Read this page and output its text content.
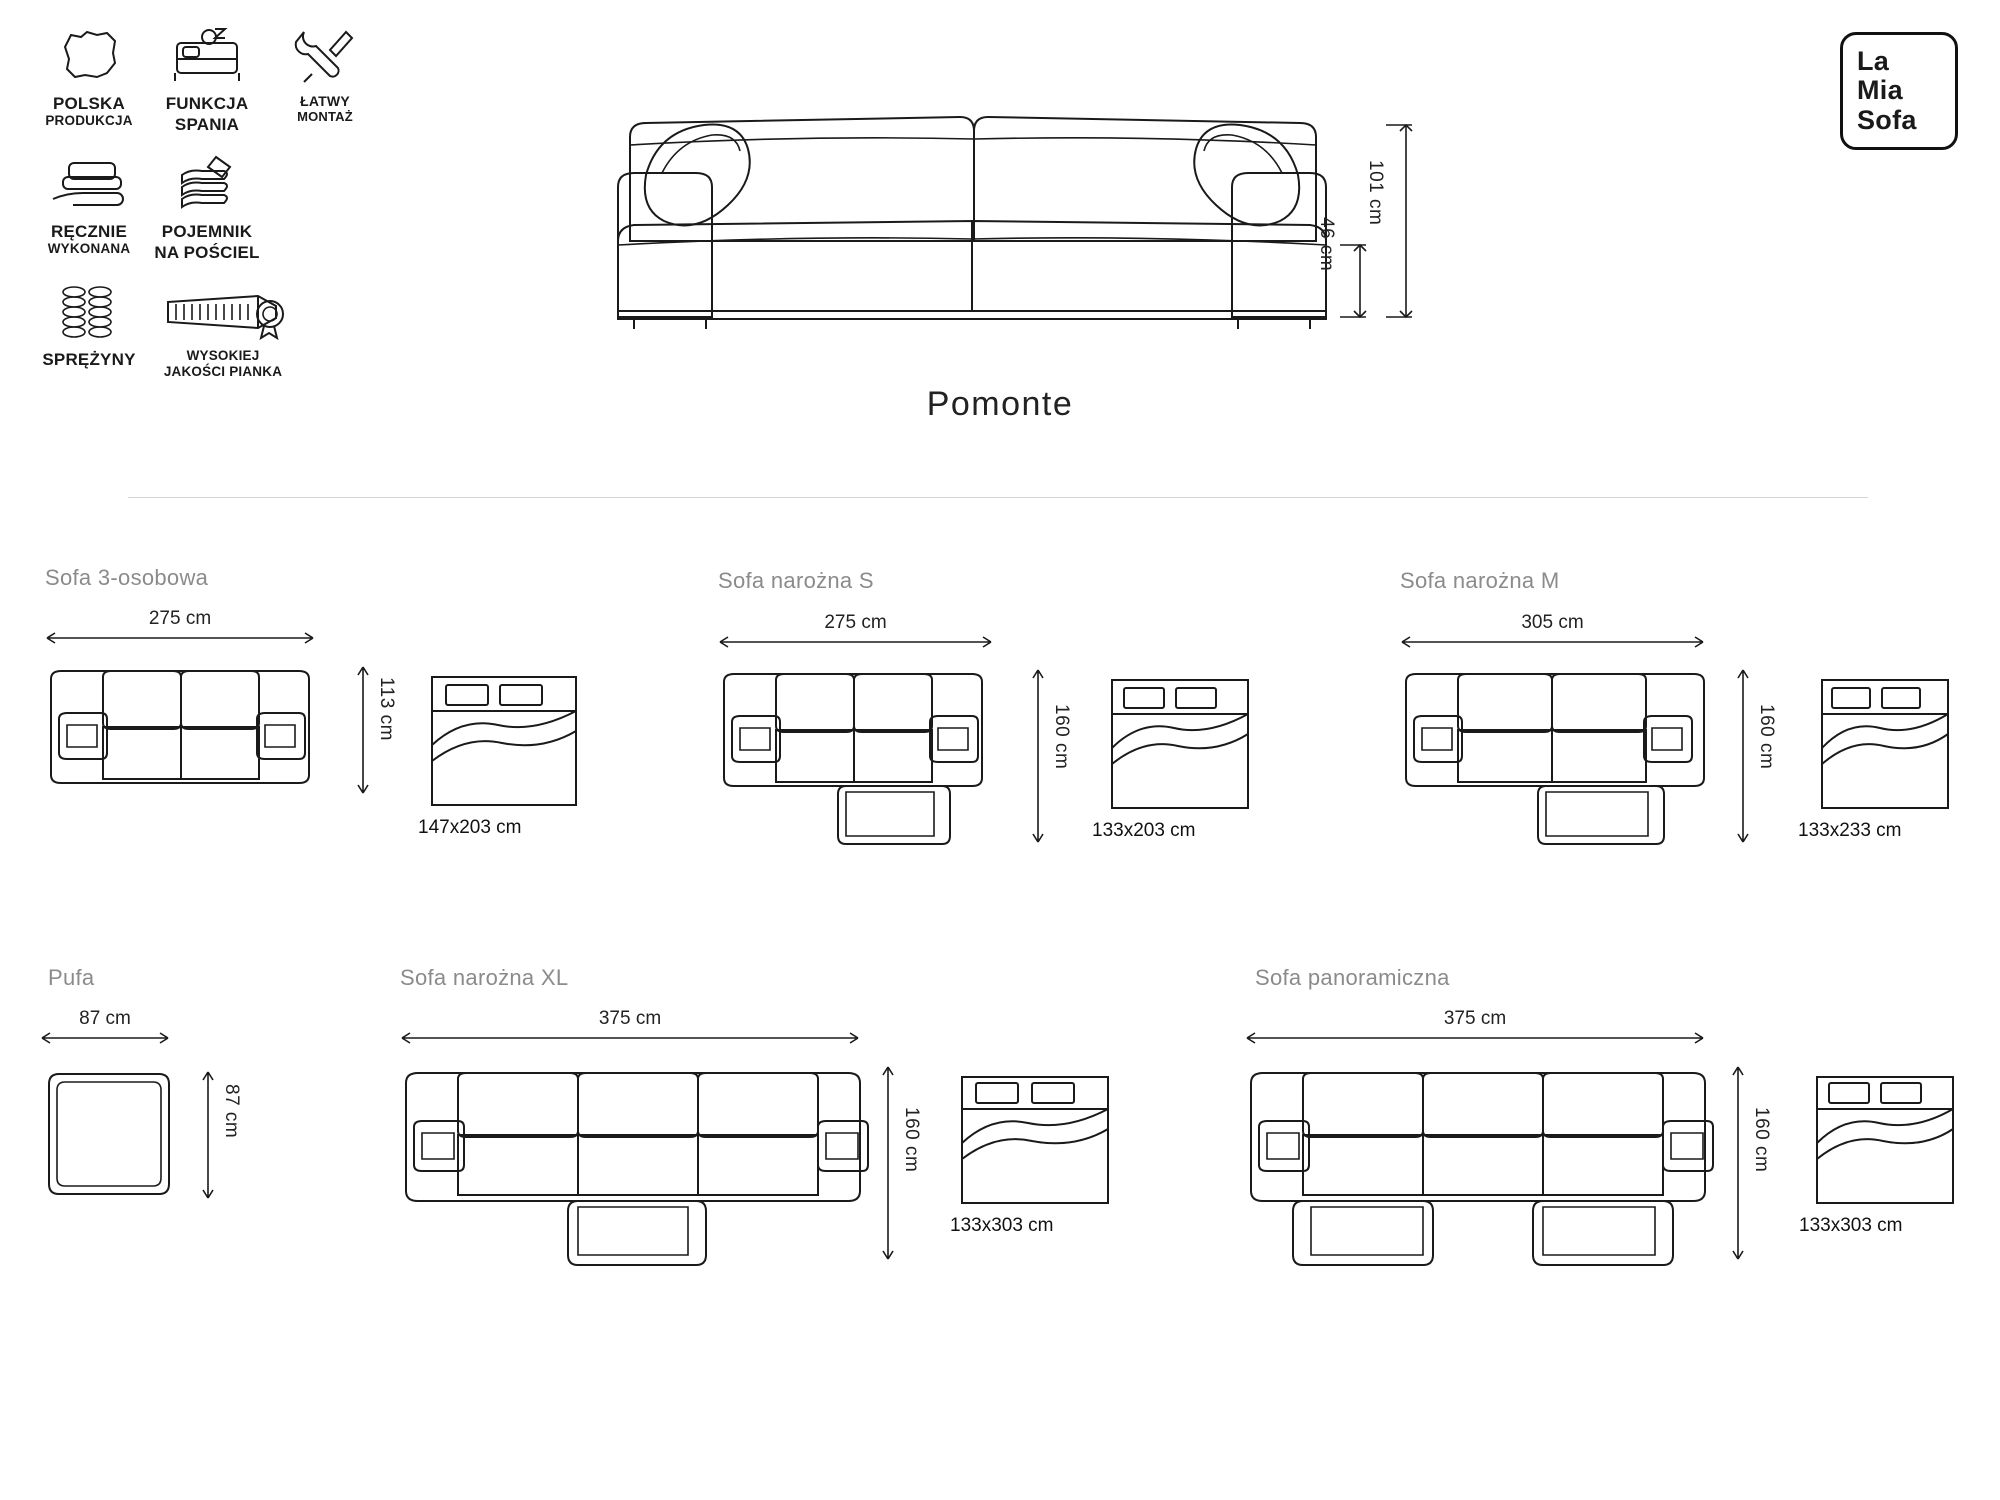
POLSKA
PRODUKCJA
FUNKCJA
SPANIA
ŁATWY
MONTAŻ
RĘCZNIE
WYKONANA
POJEMNIK
NA POŚCIEL
SPRĘŻYNY	WYSOKIEJ
JAKOŚCI PIANKA
La
Mia
Sofa
46 cm
101 cm
Pomonte
Sofa 3-osobowa
275 cm
113 cm
147x203 cm
Sofa narożna S
275 cm
160 cm
133x203 cm
Sofa narożna M
305 cm
160 cm
133x233 cm
Pufa
87 cm
87 cm
Sofa narożna XL
375 cm
160 cm
133x303 cm
Sofa panoramiczna
375 cm
160 cm
133x303 cm
